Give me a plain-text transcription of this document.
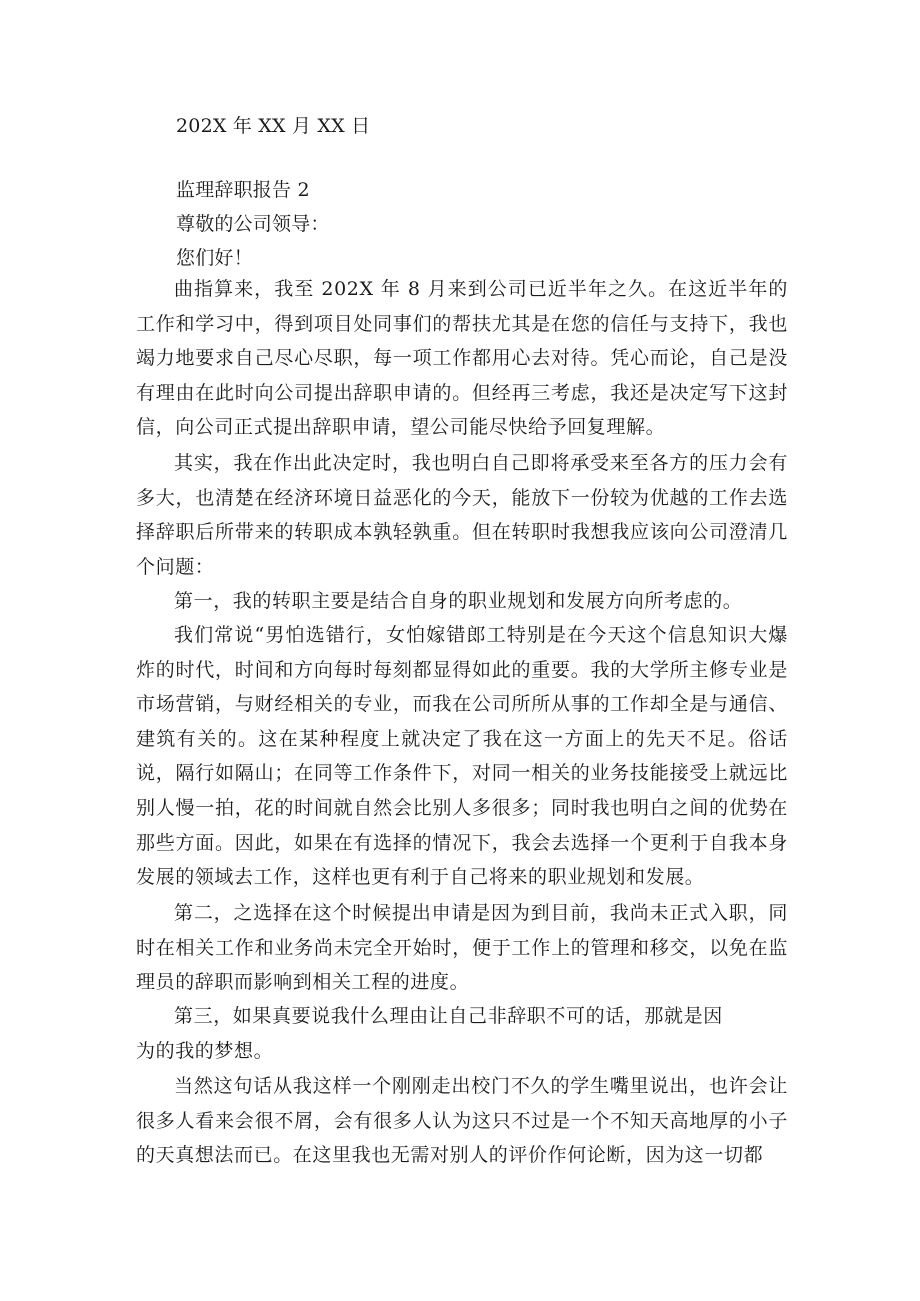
202X 年 XX 月 XX 日
监理辞职报告 2
尊敬的公司领导：
您们好！
曲指算来，我至 202X 年 8 月来到公司已近半年之久。在这近半年的工作和学习中，得到项目处同事们的帮扶尤其是在您的信任与支持下，我也竭力地要求自己尽心尽职，每一项工作都用心去对待。凭心而论，自己是没有理由在此时向公司提出辞职申请的。但经再三考虑，我还是决定写下这封信，向公司正式提出辞职申请，望公司能尽快给予回复理解。
其实，我在作出此决定时，我也明白自己即将承受来至各方的压力会有多大，也清楚在经济环境日益恶化的今天，能放下一份较为优越的工作去选择辞职后所带来的转职成本孰轻孰重。但在转职时我想我应该向公司澄清几个问题：
第一，我的转职主要是结合自身的职业规划和发展方向所考虑的。
我们常说“男怕选错行，女怕嫁错郎工特别是在今天这个信息知识大爆炸的时代，时间和方向每时每刻都显得如此的重要。我的大学所主修专业是市场营销，与财经相关的专业，而我在公司所所从事的工作却全是与通信、建筑有关的。这在某种程度上就决定了我在这一方面上的先天不足。俗话说，隔行如隔山；在同等工作条件下，对同一相关的业务技能接受上就远比别人慢一拍，花的时间就自然会比别人多很多；同时我也明白之间的优势在那些方面。因此，如果在有选择的情况下，我会去选择一个更利于自我本身发展的领域去工作，这样也更有利于自己将来的职业规划和发展。
第二，之选择在这个时候提出申请是因为到目前，我尚未正式入职，同时在相关工作和业务尚未完全开始时，便于工作上的管理和移交，以免在监理员的辞职而影响到相关工程的进度。
第三，如果真要说我什么理由让自己非辞职不可的话，那就是因
为的我的梦想。
当然这句话从我这样一个刚刚走出校门不久的学生嘴里说出，也许会让很多人看来会很不屑，会有很多人认为这只不过是一个不知天高地厚的小子的天真想法而已。在这里我也无需对别人的评价作何论断，因为这一切都
